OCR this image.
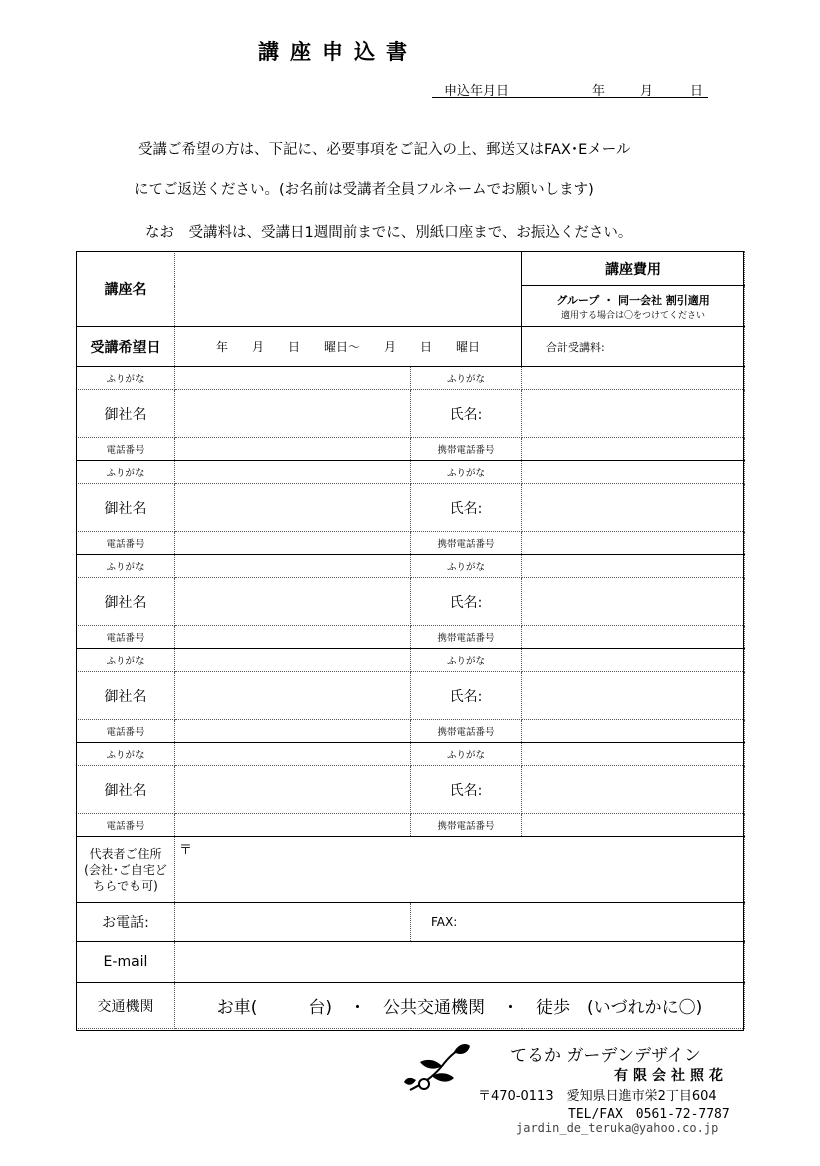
講座申込書
申込年月日	年	月	日

受講ご希望の方は、下記に、必要事項をご記入の上、郵送又はFAX･Eメール
にてご返送ください。(お名前は受講者全員フルネームでお願いします)
なお　受講料は、受講日1週間前までに、別紙口座まで、お振込ください。
講座名			講座費用

			グループ ・ 同一会社 割引適用
適用する場合は〇をつけてください

受講希望日	年　　月　　日　　曜日～　　月　　日　　曜日		合計受講料:
ふりがな		ふりがな	
御社名		氏名:	
電話番号		携帯電話番号	
ふりがな		ふりがな	
御社名		氏名:	
電話番号		携帯電話番号	
ふりがな		ふりがな	
御社名		氏名:	
電話番号		携帯電話番号	
ふりがな		ふりがな	
御社名		氏名:	
電話番号		携帯電話番号	
ふりがな		ふりがな	
御社名		氏名:	
電話番号		携帯電話番号	
代表者ご住所
(会社･ご自宅ど
ちらでも可)	〒		
お電話:		FAX:	
E-mail			
交通機関	お車(　　　台)　・　公共交通機関　・　徒歩　(いづれかに〇)		
てるか ガーデンデザイン
有限会社照花
〒470-0113　愛知県日進市栄2丁目604
TEL/FAX　0561-72-7787
jardin_de_teruka@yahoo.co.jp
